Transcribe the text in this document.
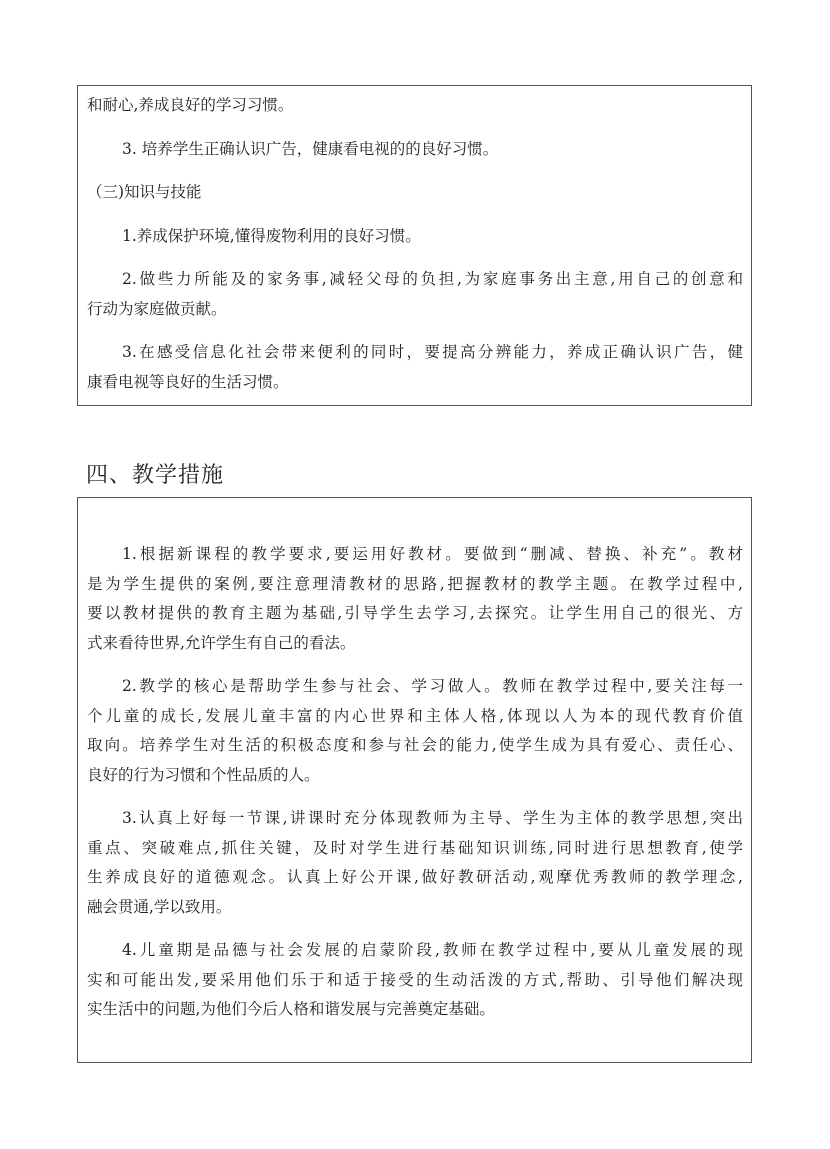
和耐心,养成良好的学习习惯。
3. 培养学生正确认识广告，健康看电视的的良好习惯。
（三)知识与技能
1.养成保护环境,懂得废物利用的良好习惯。
2.做些力所能及的家务事,减轻父母的负担,为家庭事务出主意,用自己的创意和
行动为家庭做贡献。
3.在感受信息化社会带来便利的同时，要提高分辨能力，养成正确认识广告，健
康看电视等良好的生活习惯。
四、教学措施
1.根据新课程的教学要求,要运用好教材。要做到“删减、替换、补充”。教材
是为学生提供的案例,要注意理清教材的思路,把握教材的教学主题。在教学过程中,
要以教材提供的教育主题为基础,引导学生去学习,去探究。让学生用自己的很光、方
式来看待世界,允许学生有自己的看法。
2.教学的核心是帮助学生参与社会、学习做人。教师在教学过程中,要关注每一
个儿童的成长,发展儿童丰富的内心世界和主体人格,体现以人为本的现代教育价值
取向。培养学生对生活的积极态度和参与社会的能力,使学生成为具有爱心、责任心、
良好的行为习惯和个性品质的人。
3.认真上好每一节课,讲课时充分体现教师为主导、学生为主体的教学思想,突出
重点、突破难点,抓住关键，及时对学生进行基础知识训练,同时进行思想教育,使学
生养成良好的道德观念。认真上好公开课,做好教研活动,观摩优秀教师的教学理念,
融会贯通,学以致用。
4.儿童期是品德与社会发展的启蒙阶段,教师在教学过程中,要从儿童发展的现
实和可能出发,要采用他们乐于和适于接受的生动活泼的方式,帮助、引导他们解决现
实生活中的问题,为他们今后人格和谐发展与完善奠定基础。
